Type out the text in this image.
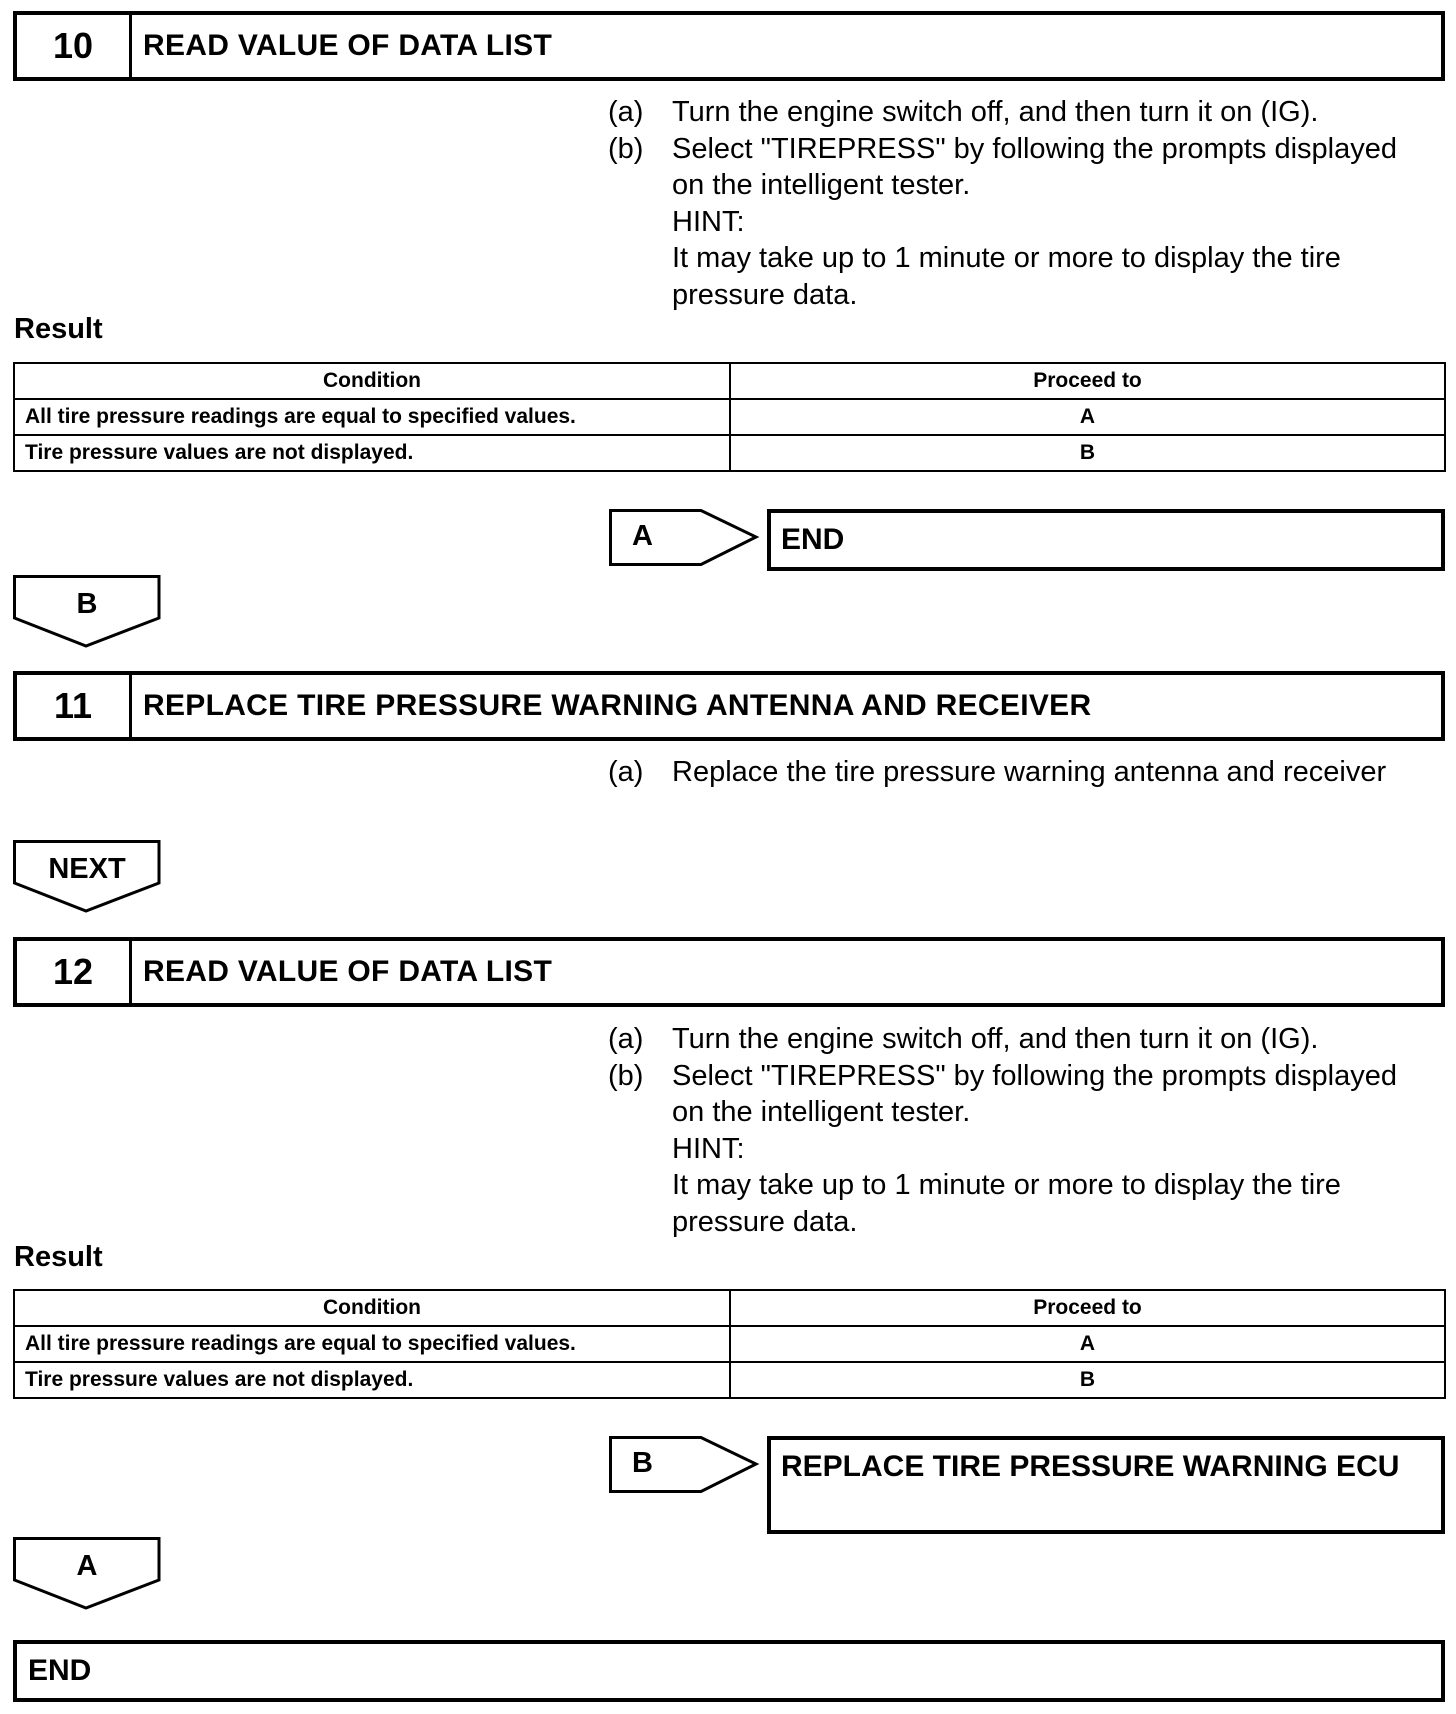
10	READ VALUE OF DATA LIST
(a) Turn the engine switch off, and then turn it on (IG).
(b) Select "TIREPRESS" by following the prompts displayed
on the intelligent tester.
HINT:
It may take up to 1 minute or more to display the tire
pressure data.
Result
Condition	Proceed to
All tire pressure readings are equal to specified values.	A
Tire pressure values are not displayed.	B
A	END
B
11	REPLACE TIRE PRESSURE WARNING ANTENNA AND RECEIVER
(a) Replace the tire pressure warning antenna and receiver
NEXT
12	READ VALUE OF DATA LIST
(a) Turn the engine switch off, and then turn it on (IG).
(b) Select "TIREPRESS" by following the prompts displayed
on the intelligent tester.
HINT:
It may take up to 1 minute or more to display the tire
pressure data.
Result
Condition	Proceed to
All tire pressure readings are equal to specified values.	A
Tire pressure values are not displayed.	B
B	REPLACE TIRE PRESSURE WARNING ECU
A
END
